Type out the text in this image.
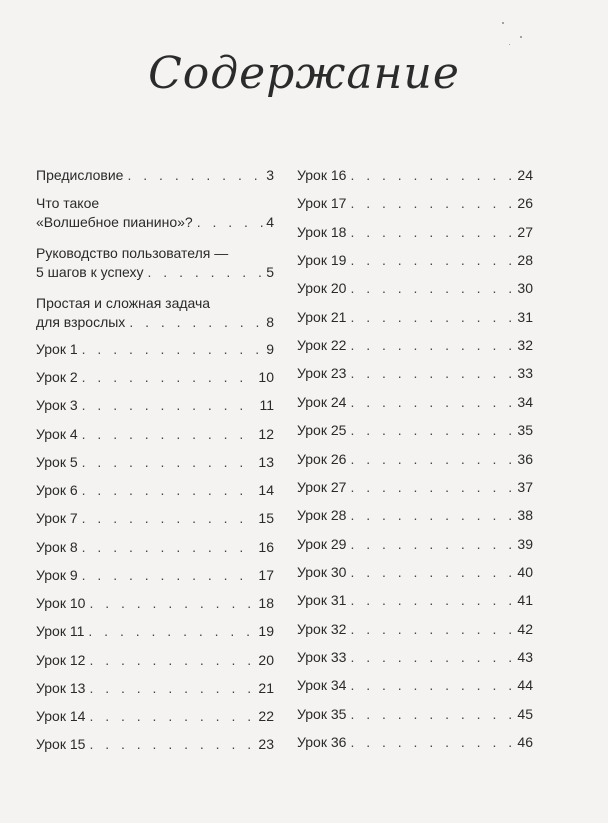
Содержание
Предисловие . . .	3
Что такое
«Волшебное пианино»? . . .	4
Руководство пользователя —
5 шагов к успеху . . .	5
Простая и сложная задача
для взрослых . . .	8
Урок 1 . . .	9
Урок 2 . . .	10
Урок 3 . . .	11
Урок 4 . . .	12
Урок 5 . . .	13
Урок 6 . . .	14
Урок 7 . . .	15
Урок 8 . . .	16
Урок 9 . . .	17
Урок 10 . . .	18
Урок 11 . . .	19
Урок 12 . . .	20
Урок 13 . . .	21
Урок 14 . . .	22
Урок 15 . . .	23
Урок 16 . . .	24
Урок 17 . . .	26
Урок 18 . . .	27
Урок 19 . . .	28
Урок 20 . . .	30
Урок 21 . . .	31
Урок 22 . . .	32
Урок 23 . . .	33
Урок 24 . . .	34
Урок 25 . . .	35
Урок 26 . . .	36
Урок 27 . . .	37
Урок 28 . . .	38
Урок 29 . . .	39
Урок 30 . . .	40
Урок 31 . . .	41
Урок 32 . . .	42
Урок 33 . . .	43
Урок 34 . . .	44
Урок 35 . . .	45
Урок 36 . . .	46
